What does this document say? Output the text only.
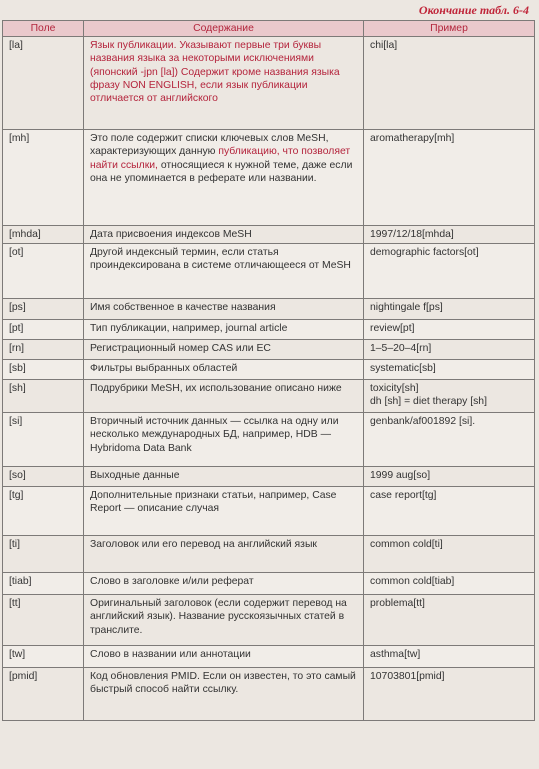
Окончание табл. 6-4
Поле	Содержание	Пример
[la]	Язык публикации. Указывают первые три буквы названия языка за некоторыми исключениями (японский -jpn [la]) Содержит кроме названия языка фразу NON ENGLISH, если язык публикации отличается от английского	chi[la]
[mh]	Это поле содержит списки ключевых слов MeSH, характеризующих данную публикацию, что позволяет найти ссылки, относящиеся к нужной теме, даже если она не упоминается в реферате или названии.	aromatherapy[mh]
[mhda]	Дата присвоения индексов MeSH	1997/12/18[mhda]
[ot]	Другой индексный термин, если статья проиндексирована в системе отличающееся от MeSH	demographic factors[ot]
[ps]	Имя собственное в качестве названия	nightingale f[ps]
[pt]	Тип публикации, например, journal article	review[pt]
[rn]	Регистрационный номер CAS или EC	1–5–20–4[rn]
[sb]	Фильтры выбранных областей	systematic[sb]
[sh]	Подрубрики MeSH, их использование описано ниже	toxicity[sh]
dh [sh] = diet therapy [sh]
[si]	Вторичный источник данных — ссылка на одну или несколько международных БД, например, HDB — Hybridoma Data Bank	genbank/af001892 [si].
[so]	Выходные данные	1999 aug[so]
[tg]	Дополнительные признаки статьи, например, Case Report — описание случая	case report[tg]
[ti]	Заголовок или его перевод на английский язык	common cold[ti]
[tiab]	Слово в заголовке и/или реферат	common cold[tiab]
[tt]	Оригинальный заголовок (если содержит перевод на английский язык). Название русскоязычных статей в транслите.	problema[tt]
[tw]	Слово в названии или аннотации	asthma[tw]
[pmid]	Код обновления PMID. Если он известен, то это самый быстрый способ найти ссылку.	10703801[pmid]
